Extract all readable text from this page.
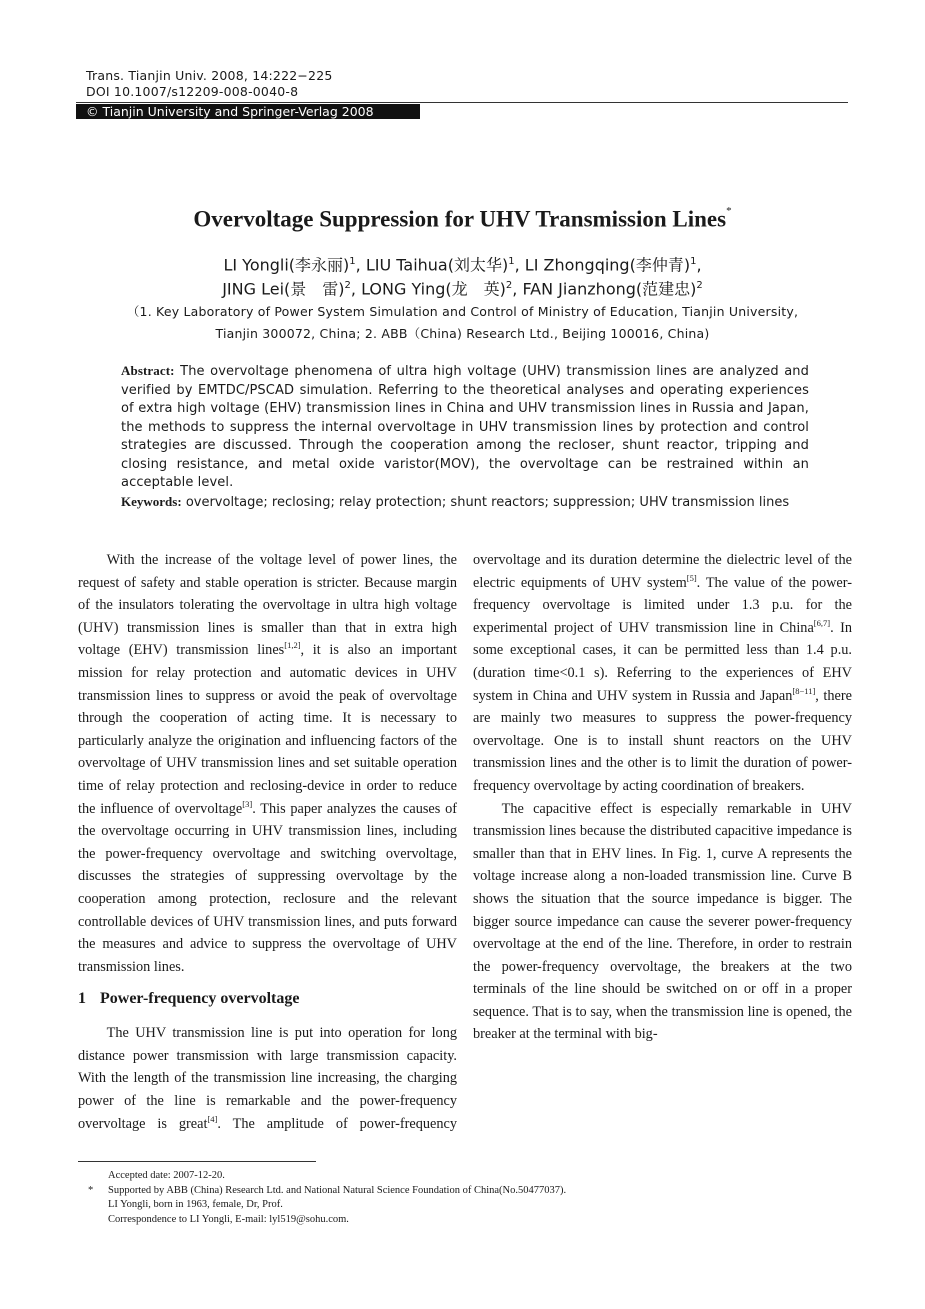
Trans. Tianjin Univ. 2008, 14:222−225
DOI 10.1007/s12209-008-0040-8
© Tianjin University and Springer-Verlag 2008
Overvoltage Suppression for UHV Transmission Lines*
LI Yongli(李永丽)$^1$, LIU Taihua(刘太华)$^1$, LI Zhongqing(李仲青)$^1$,
JING Lei(景　雷)$^2$, LONG Ying(龙　英)$^2$, FAN Jianzhong(范建忠)$^2$
（1. Key Laboratory of Power System Simulation and Control of Ministry of Education, Tianjin University,
Tianjin 300072, China; 2. ABB（China) Research Ltd., Beijing 100016, China)
Abstract: The overvoltage phenomena of ultra high voltage (UHV) transmission lines are analyzed and verified by EMTDC/PSCAD simulation. Referring to the theoretical analyses and operating experiences of extra high voltage (EHV) transmission lines in China and UHV transmission lines in Russia and Japan, the methods to suppress the internal overvoltage in UHV transmission lines by protection and control strategies are discussed. Through the cooperation among the recloser, shunt reactor, tripping and closing resistance, and metal oxide varistor(MOV), the overvoltage can be restrained within an acceptable level.
Keywords: overvoltage; reclosing; relay protection; shunt reactors; suppression; UHV transmission lines

With the increase of the voltage level of power lines, the request of safety and stable operation is stricter. Because margin of the insulators tolerating the overvoltage in ultra high voltage (UHV) transmission lines is smaller than that in extra high voltage (EHV) transmission lines[1,2], it is also an important mission for relay protection and automatic devices in UHV transmission lines to suppress or avoid the peak of overvoltage through the cooperation of acting time. It is necessary to particularly analyze the origination and influencing factors of the overvoltage of UHV transmission lines and set suitable operation time of relay protection and reclosing-device in order to reduce the influence of overvoltage[3]. This paper analyzes the causes of the overvoltage occurring in UHV transmission lines, including the power-frequency overvoltage and switching overvoltage, discusses the strategies of suppressing overvoltage by the cooperation among protection, reclosure and the relevant controllable devices of UHV transmission lines, and puts forward the measures and advice to suppress the overvoltage of UHV transmission lines.

1 Power-frequency overvoltage

The UHV transmission line is put into operation for long distance power transmission with large transmission capacity. With the length of the transmission line increasing, the charging power of the line is remarkable and the power-frequency overvoltage is great[4]. The amplitude of power-frequency overvoltage and its duration determine the dielectric level of the electric equipments of UHV system[5]. The value of the power-frequency overvoltage is limited under 1.3 p.u. for the experimental project of UHV transmission line in China[6,7]. In some exceptional cases, it can be permitted less than 1.4 p.u. (duration time<0.1 s). Referring to the experiences of EHV system in China and UHV system in Russia and Japan[8−11], there are mainly two measures to suppress the power-frequency overvoltage. One is to install shunt reactors on the UHV transmission lines and the other is to limit the duration of power-frequency overvoltage by acting coordination of breakers.

The capacitive effect is especially remarkable in UHV transmission lines because the distributed capacitive impedance is smaller than that in EHV lines. In Fig. 1, curve A represents the voltage increase along a non-loaded transmission line. Curve B shows the situation that the source impedance is bigger. The bigger source impedance can cause the severer power-frequency overvoltage at the end of the line. Therefore, in order to restrain the power-frequency overvoltage, the breakers at the two terminals of the line should be switched on or off in a proper sequence. That is to say, when the transmission line is opened, the breaker at the terminal with big-

Accepted date: 2007-12-20.
* Supported by ABB (China) Research Ltd. and National Natural Science Foundation of China(No.50477037).
LI Yongli, born in 1963, female, Dr, Prof.
Correspondence to LI Yongli, E-mail: lyl519@sohu.com.
